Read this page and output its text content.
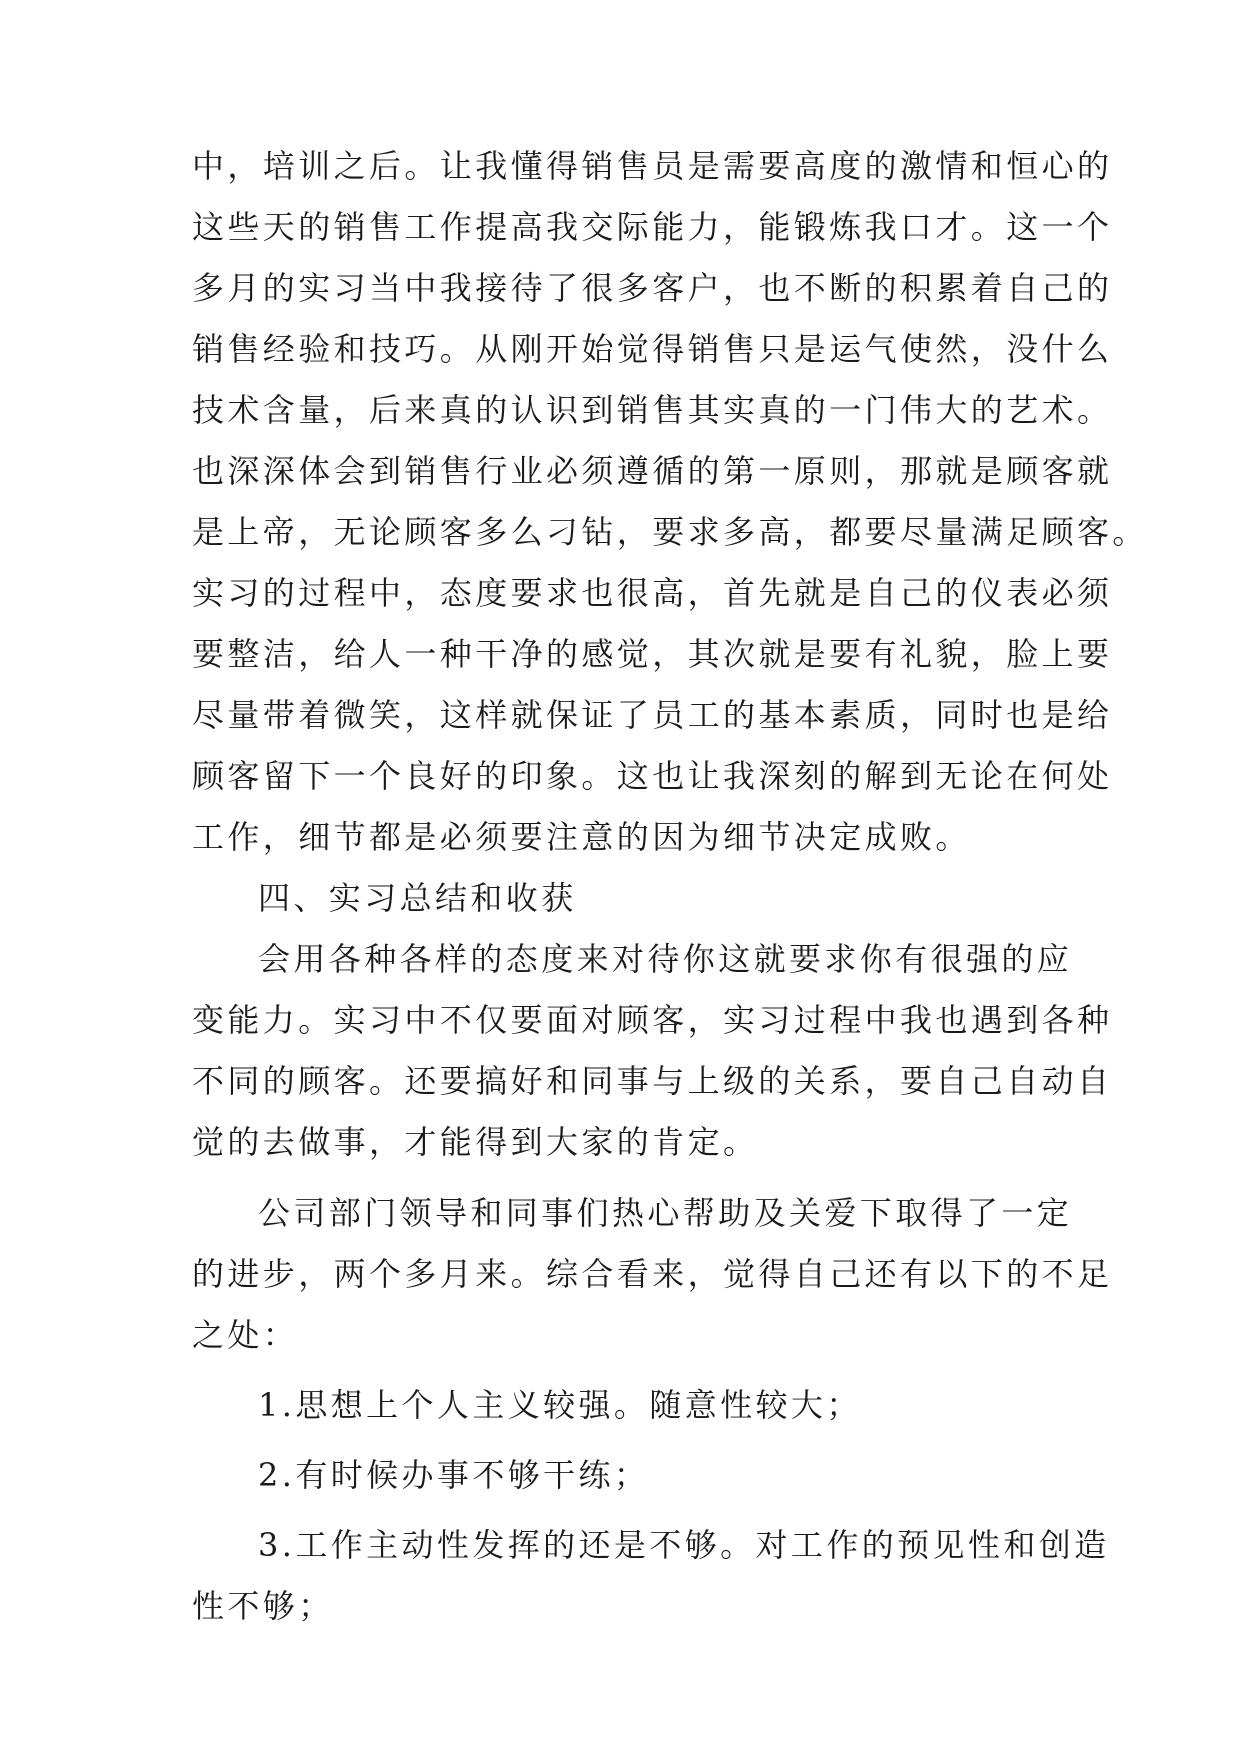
中，培训之后。让我懂得销售员是需要高度的激情和恒心的
这些天的销售工作提高我交际能力，能锻炼我口才。这一个
多月的实习当中我接待了很多客户，也不断的积累着自己的
销售经验和技巧。从刚开始觉得销售只是运气使然，没什么
技术含量，后来真的认识到销售其实真的一门伟大的艺术。
也深深体会到销售行业必须遵循的第一原则，那就是顾客就
是上帝，无论顾客多么刁钻，要求多高，都要尽量满足顾客。
实习的过程中，态度要求也很高，首先就是自己的仪表必须
要整洁，给人一种干净的感觉，其次就是要有礼貌，脸上要
尽量带着微笑，这样就保证了员工的基本素质，同时也是给
顾客留下一个良好的印象。这也让我深刻的解到无论在何处
工作，细节都是必须要注意的因为细节决定成败。
四、实习总结和收获
会用各种各样的态度来对待你这就要求你有很强的应
变能力。实习中不仅要面对顾客，实习过程中我也遇到各种
不同的顾客。还要搞好和同事与上级的关系，要自己自动自
觉的去做事，才能得到大家的肯定。
公司部门领导和同事们热心帮助及关爱下取得了一定
的进步，两个多月来。综合看来，觉得自己还有以下的不足
之处：
1.思想上个人主义较强。随意性较大；
2.有时候办事不够干练；
3.工作主动性发挥的还是不够。对工作的预见性和创造
性不够；
